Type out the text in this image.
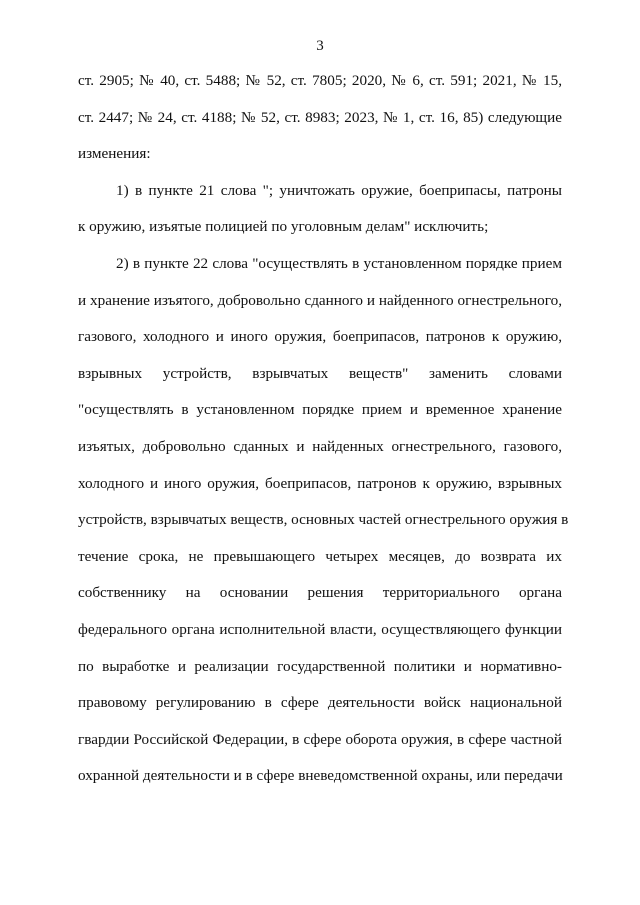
3
ст. 2905; № 40, ст. 5488; № 52, ст. 7805; 2020, № 6, ст. 591; 2021, № 15,
ст. 2447; № 24, ст. 4188; № 52, ст. 8983; 2023, № 1, ст. 16, 85) следующие
изменения:
1) в пункте 21 слова "; уничтожать оружие, боеприпасы, патроны
к оружию, изъятые полицией по уголовным делам" исключить;
2) в пункте 22 слова "осуществлять в установленном порядке прием
и хранение изъятого, добровольно сданного и найденного огнестрельного,
газового, холодного и иного оружия, боеприпасов, патронов к оружию,
взрывных устройств, взрывчатых веществ" заменить словами
"осуществлять в установленном порядке прием и временное хранение
изъятых, добровольно сданных и найденных огнестрельного, газового,
холодного и иного оружия, боеприпасов, патронов к оружию, взрывных
устройств, взрывчатых веществ, основных частей огнестрельного оружия в
течение срока, не превышающего четырех месяцев, до возврата их
собственнику на основании решения территориального органа
федерального органа исполнительной власти, осуществляющего функции
по выработке и реализации государственной политики и нормативно-
правовому регулированию в сфере деятельности войск национальной
гвардии Российской Федерации, в сфере оборота оружия, в сфере частной
охранной деятельности и в сфере вневедомственной охраны, или передачи
